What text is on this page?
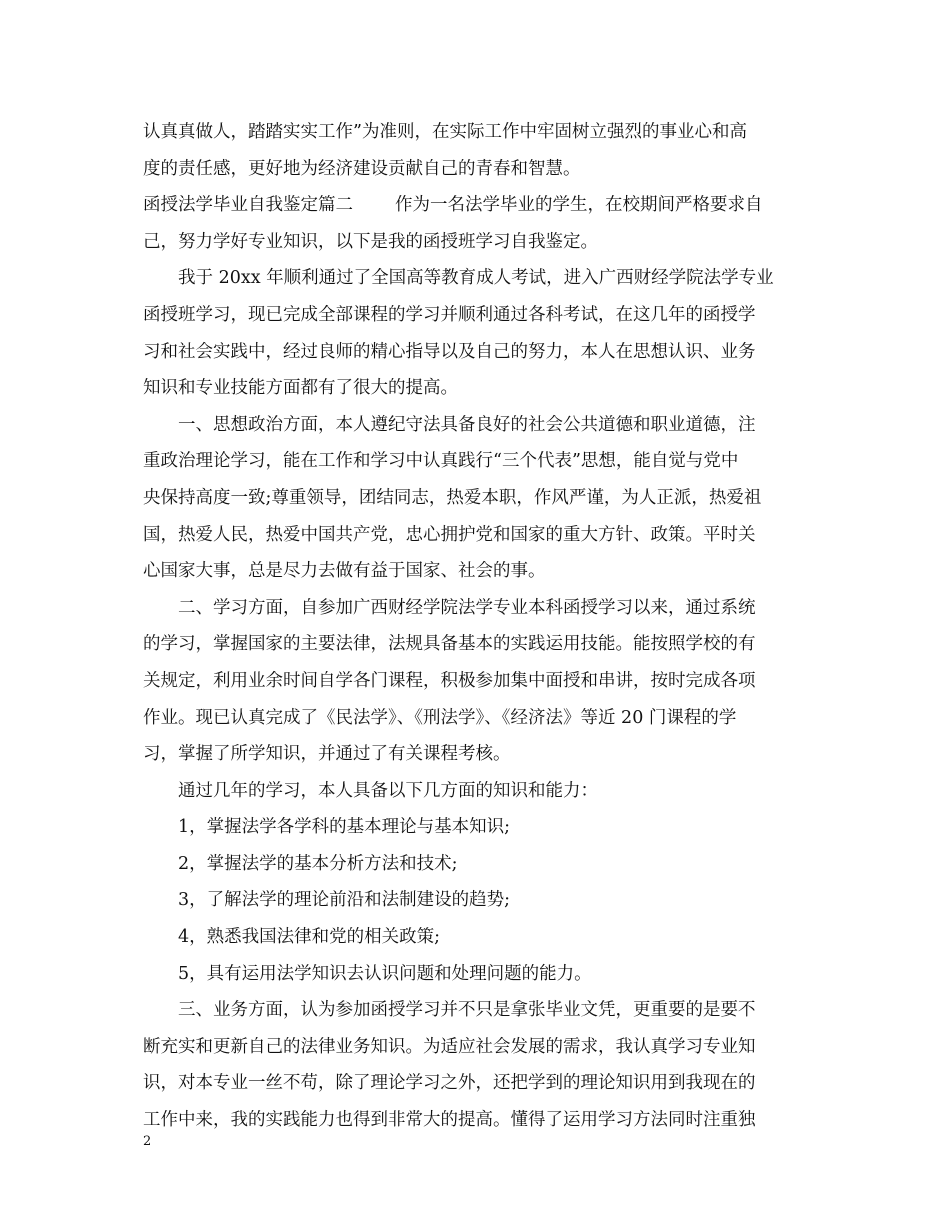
认真真做人，踏踏实实工作”为准则，在实际工作中牢固树立强烈的事业心和高
度的责任感，更好地为经济建设贡献自己的青春和智慧。
函授法学毕业自我鉴定篇二 作为一名法学毕业的学生，在校期间严格要求自
己，努力学好专业知识，以下是我的函授班学习自我鉴定。
我于 20xx 年顺利通过了全国高等教育成人考试，进入广西财经学院法学专业
函授班学习，现已完成全部课程的学习并顺利通过各科考试，在这几年的函授学
习和社会实践中，经过良师的精心指导以及自己的努力，本人在思想认识、业务
知识和专业技能方面都有了很大的提高。
一、思想政治方面，本人遵纪守法具备良好的社会公共道德和职业道德，注
重政治理论学习，能在工作和学习中认真践行“三个代表”思想，能自觉与党中
央保持高度一致;尊重领导，团结同志，热爱本职，作风严谨，为人正派，热爱祖
国，热爱人民，热爱中国共产党，忠心拥护党和国家的重大方针、政策。平时关
心国家大事，总是尽力去做有益于国家、社会的事。
二、学习方面，自参加广西财经学院法学专业本科函授学习以来，通过系统
的学习，掌握国家的主要法律，法规具备基本的实践运用技能。能按照学校的有
关规定，利用业余时间自学各门课程，积极参加集中面授和串讲，按时完成各项
作业。现已认真完成了《民法学》、《刑法学》、《经济法》等近 20 门课程的学
习，掌握了所学知识，并通过了有关课程考核。
通过几年的学习，本人具备以下几方面的知识和能力：
1，掌握法学各学科的基本理论与基本知识;
2，掌握法学的基本分析方法和技术;
3，了解法学的理论前沿和法制建设的趋势;
4，熟悉我国法律和党的相关政策;
5，具有运用法学知识去认识问题和处理问题的能力。
三、业务方面，认为参加函授学习并不只是拿张毕业文凭，更重要的是要不
断充实和更新自己的法律业务知识。为适应社会发展的需求，我认真学习专业知
识，对本专业一丝不苟，除了理论学习之外，还把学到的理论知识用到我现在的
工作中来，我的实践能力也得到非常大的提高。懂得了运用学习方法同时注重独
2
